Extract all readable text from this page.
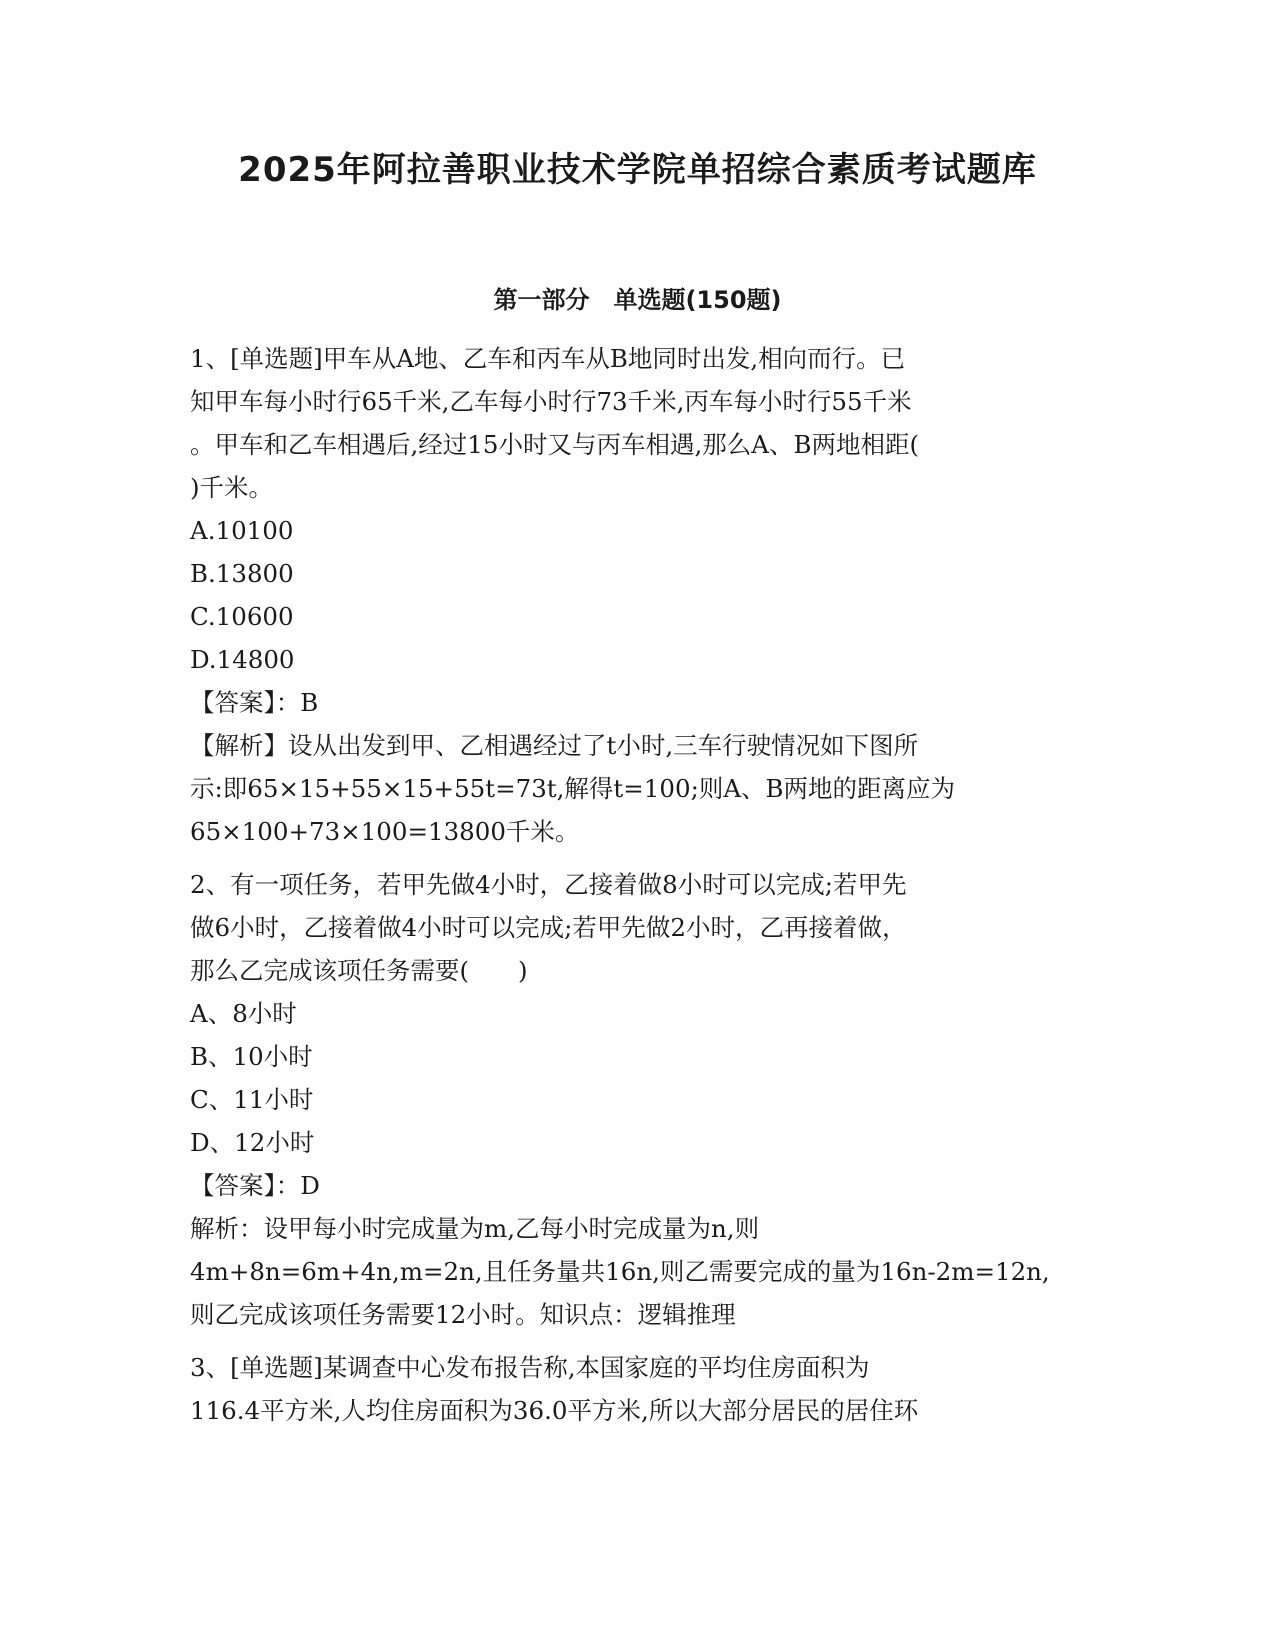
2025年阿拉善职业技术学院单招综合素质考试题库
第一部分　单选题(150题)
1、[单选题]甲车从A地、乙车和丙车从B地同时出发,相向而行。已
知甲车每小时行65千米,乙车每小时行73千米,丙车每小时行55千米
。甲车和乙车相遇后,经过15小时又与丙车相遇,那么A、B两地相距(
)千米。
A.10100
B.13800
C.10600
D.14800
【答案】：B
【解析】设从出发到甲、乙相遇经过了t小时,三车行驶情况如下图所
示:即65×15+55×15+55t=73t,解得t=100;则A、B两地的距离应为
65×100+73×100=13800千米。
2、有一项任务，若甲先做4小时，乙接着做8小时可以完成;若甲先
做6小时，乙接着做4小时可以完成;若甲先做2小时，乙再接着做，
那么乙完成该项任务需要(　　)
A、8小时
B、10小时
C、11小时
D、12小时
【答案】：D
解析：设甲每小时完成量为m,乙每小时完成量为n,则
4m+8n=6m+4n,m=2n,且任务量共16n,则乙需要完成的量为16n-2m=12n,
则乙完成该项任务需要12小时。知识点：逻辑推理
3、[单选题]某调查中心发布报告称,本国家庭的平均住房面积为
116.4平方米,人均住房面积为36.0平方米,所以大部分居民的居住环
